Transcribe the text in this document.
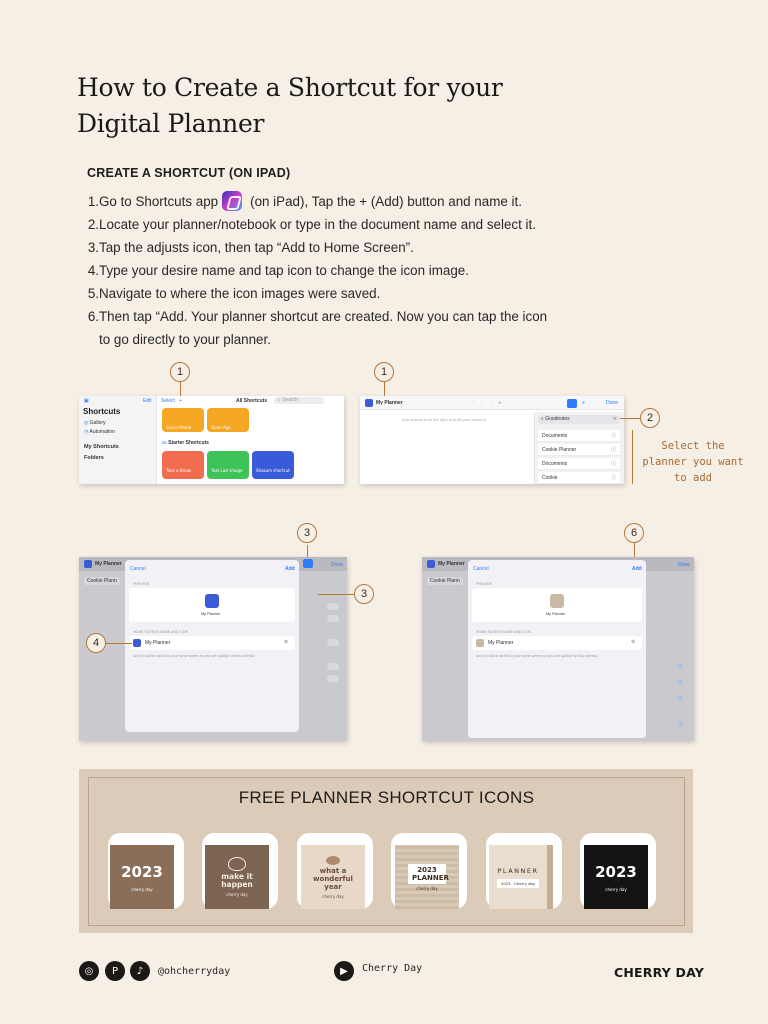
How to Create a Shortcut for your
Digital Planner
CREATE A SHORTCUT (ON IPAD)
1. Go to Shortcuts app (on iPad), Tap the + (Add) button and name it.
2. Locate your planner/notebook or type in the document name and select it.
3. Tap the adjusts icon, then tap “Add to Home Screen”.
4. Type your desire name and tap icon to change the icon image.
5. Navigate to where the icon images were saved.
6. Then tap “Add. Your planner shortcut are created. Now you can tap the icon
to go directly to your planner.
▣	Edit
Shortcuts
◎ Gallery
◷ Automation
My Shortcuts
Folders
Select +	All Shortcuts	⌕ Search
Social Media	Open App
▭ Starter Shortcuts
Take a Break	Text Last Image	Shazam shortcut
1
My Planner	◌◌◌▸	≡	Done
Add actions from the right to build your shortcut.	⌕ Goodnotes	⊗
Documents	ⓘ
Cookie Planner	ⓘ
Documents	ⓘ
Cookie	ⓘ
1
2
Select the
planner you want
to add
My Planner	Done
Cookie Plann
Cancel	Add
PREVIEW
My Planner
HOME SCREEN NAME AND ICON
My Planner	⊗
An icon will be added to your home screen so you can quickly run this shortcut.
3
3
4
My Planner	Done
Cookie Plann
ⓘ
ⓘ
ⓘ
ⓘ
Cancel	Add
PREVIEW
My Planner
HOME SCREEN NAME AND ICON
My Planner	⊗
An icon will be added to your home screen so you can quickly run this shortcut.
6
FREE PLANNER SHORTCUT ICONS
2023
cherry day
make it happen
cherry day
what a wonderful year
cherry day
2023 PLANNER
cherry day
PLANNER
2023 · Cherry day
2023
cherry day
◎	P	♪	@ohcherryday	▶	Cherry Day	CHERRY DAY
